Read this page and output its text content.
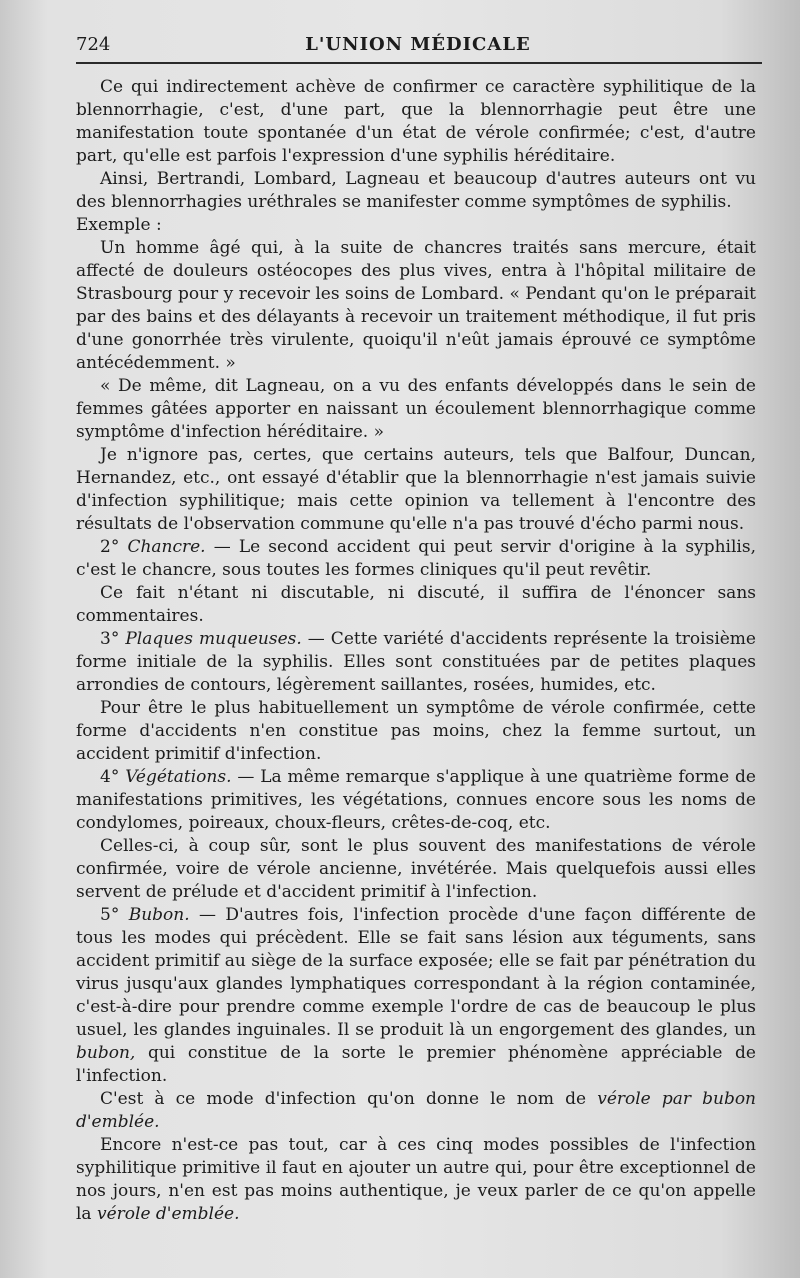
724	L'UNION MÉDICALE

Ce qui indirectement achève de confirmer ce caractère syphilitique de la blennorrhagie, c'est, d'une part, que la blennorrhagie peut être une manifestation toute spontanée d'un état de vérole confirmée; c'est, d'autre part, qu'elle est parfois l'expression d'une syphilis héréditaire.

Ainsi, Bertrandi, Lombard, Lagneau et beaucoup d'autres auteurs ont vu des blennorrhagies uréthrales se manifester comme symptômes de syphilis.

Exemple :

Un homme âgé qui, à la suite de chancres traités sans mercure, était affecté de douleurs ostéocopes des plus vives, entra à l'hôpital militaire de Strasbourg pour y recevoir les soins de Lombard. « Pendant qu'on le préparait par des bains et des délayants à recevoir un traitement méthodique, il fut pris d'une gonorrhée très virulente, quoiqu'il n'eût jamais éprouvé ce symptôme antécédemment. »

« De même, dit Lagneau, on a vu des enfants développés dans le sein de femmes gâtées apporter en naissant un écoulement blennorrhagique comme symptôme d'infection héréditaire. »

Je n'ignore pas, certes, que certains auteurs, tels que Balfour, Duncan, Hernandez, etc., ont essayé d'établir que la blennorrhagie n'est jamais suivie d'infection syphilitique; mais cette opinion va tellement à l'encontre des résultats de l'observation commune qu'elle n'a pas trouvé d'écho parmi nous.

2° Chancre. — Le second accident qui peut servir d'origine à la syphilis, c'est le chancre, sous toutes les formes cliniques qu'il peut revêtir.

Ce fait n'étant ni discutable, ni discuté, il suffira de l'énoncer sans commentaires.

3° Plaques muqueuses. — Cette variété d'accidents représente la troisième forme initiale de la syphilis. Elles sont constituées par de petites plaques arrondies de contours, légèrement saillantes, rosées, humides, etc.

Pour être le plus habituellement un symptôme de vérole confirmée, cette forme d'accidents n'en constitue pas moins, chez la femme surtout, un accident primitif d'infection.

4° Végétations. — La même remarque s'applique à une quatrième forme de manifestations primitives, les végétations, connues encore sous les noms de condylomes, poireaux, choux-fleurs, crêtes-de-coq, etc.

Celles-ci, à coup sûr, sont le plus souvent des manifestations de vérole confirmée, voire de vérole ancienne, invétérée. Mais quelquefois aussi elles servent de prélude et d'accident primitif à l'infection.

5° Bubon. — D'autres fois, l'infection procède d'une façon différente de tous les modes qui précèdent. Elle se fait sans lésion aux téguments, sans accident primitif au siège de la surface exposée; elle se fait par pénétration du virus jusqu'aux glandes lymphatiques correspondant à la région contaminée, c'est-à-dire pour prendre comme exemple l'ordre de cas de beaucoup le plus usuel, les glandes inguinales. Il se produit là un engorgement des glandes, un bubon, qui constitue de la sorte le premier phénomène appréciable de l'infection.

C'est à ce mode d'infection qu'on donne le nom de vérole par bubon d'emblée.

Encore n'est-ce pas tout, car à ces cinq modes possibles de l'infection syphilitique primitive il faut en ajouter un autre qui, pour être exceptionnel de nos jours, n'en est pas moins authentique, je veux parler de ce qu'on appelle la vérole d'emblée.
